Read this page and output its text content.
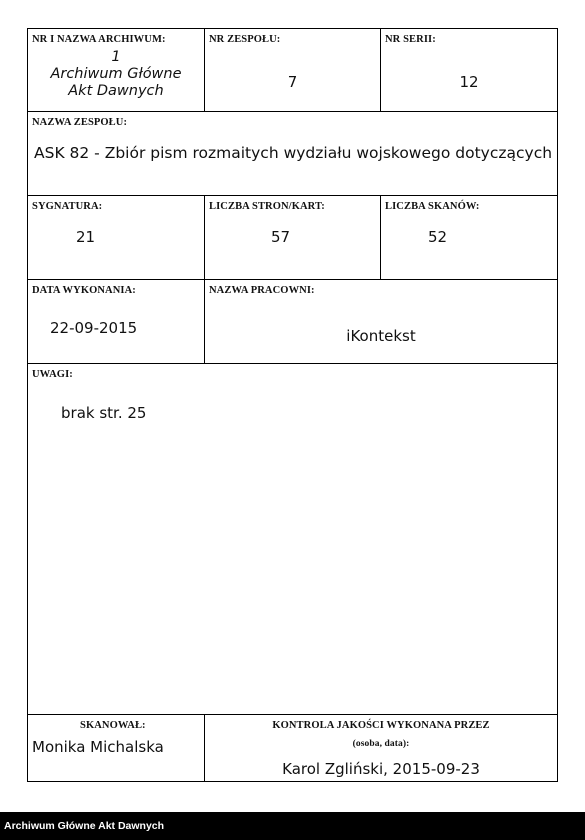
NR I NAZWA ARCHIWUM:
1
Archiwum Główne
Akt Dawnych
NR ZESPOŁU:
7
NR SERII:
12
NAZWA ZESPOŁU:
ASK 82 - Zbiór pism rozmaitych wydziału wojskowego dotyczących
SYGNATURA:
21
LICZBA STRON/KART:
57
LICZBA SKANÓW:
52
DATA WYKONANIA:
22-09-2015
NAZWA PRACOWNI:
iKontekst
UWAGI:
brak str. 25
SKANOWAŁ:
Monika Michalska
KONTROLA JAKOŚCI WYKONANA PRZEZ
(osoba, data):
Karol Zgliński, 2015-09-23
Archiwum Główne Akt Dawnych
